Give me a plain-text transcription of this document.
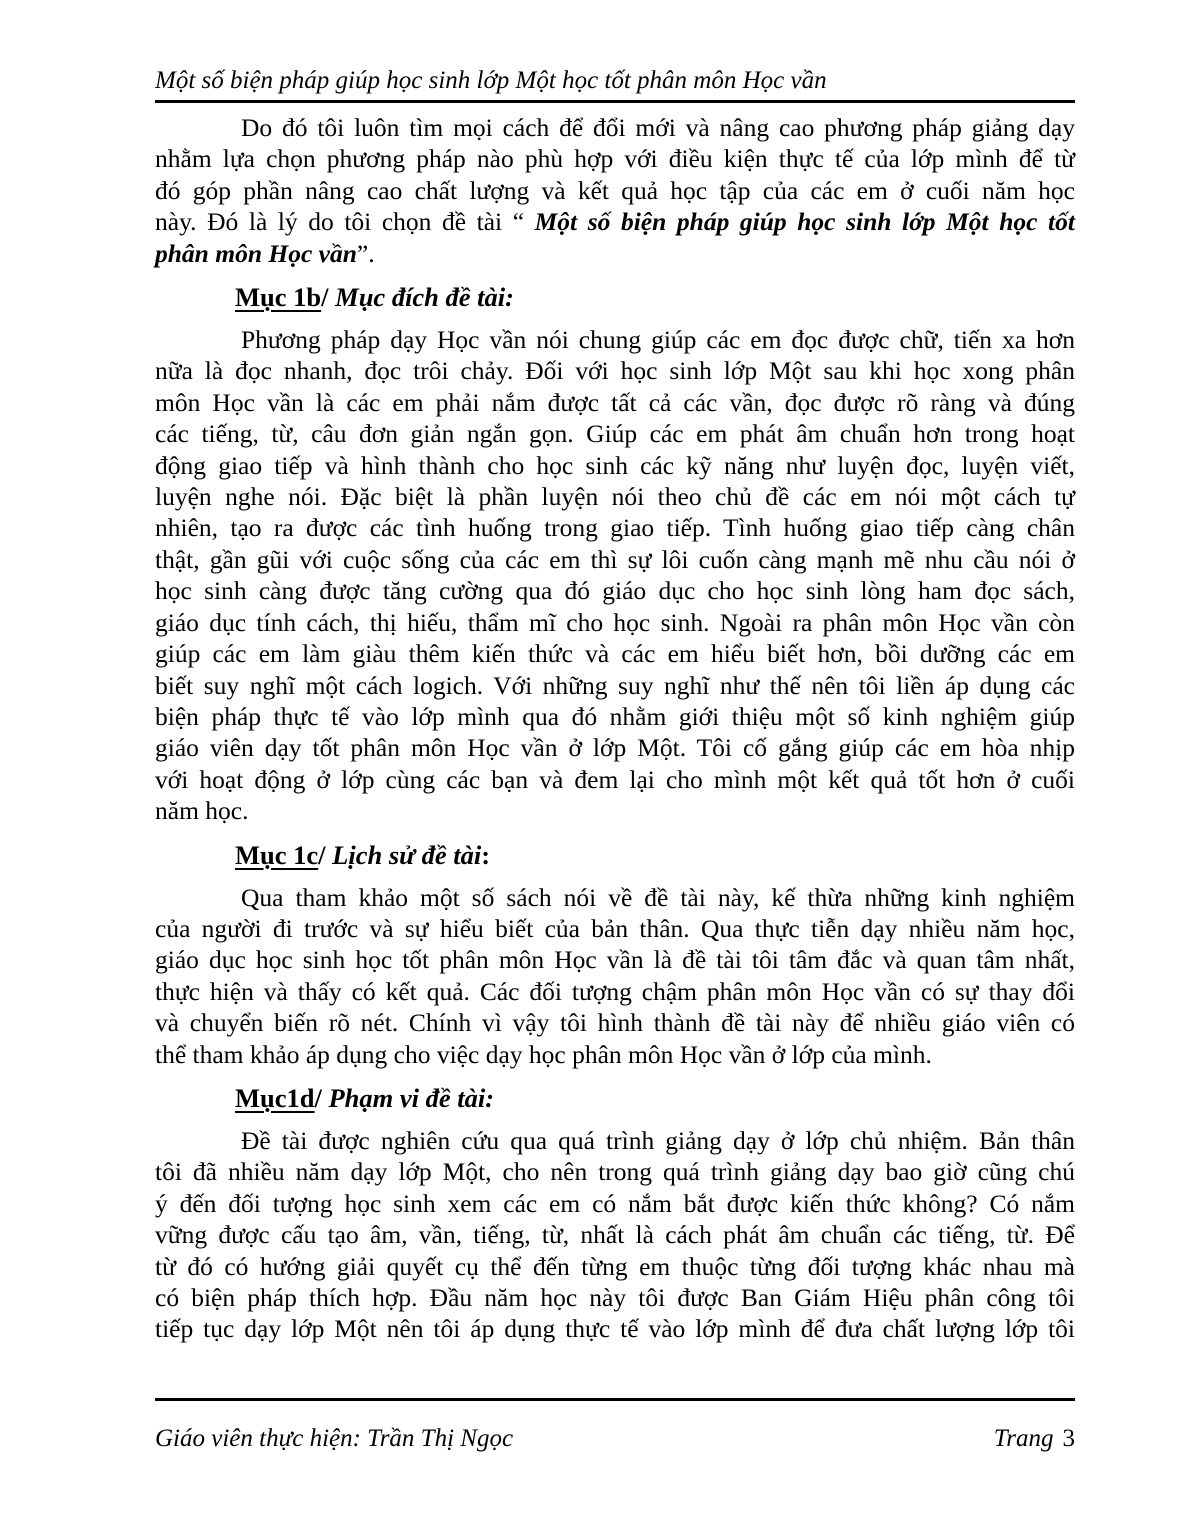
Một số biện pháp giúp học sinh lớp Một học tốt phân môn Học vần
Do đó tôi luôn tìm mọi cách để đổi mới và nâng cao phương pháp giảng dạy
nhằm lựa chọn phương pháp nào phù hợp với điều kiện thực tế của lớp mình để từ
đó góp phần nâng cao chất lượng và kết quả học tập của các em ở cuối năm học
này. Đó là lý do tôi chọn đề tài “ Một số biện pháp giúp học sinh lớp Một học tốt
phân môn Học vần”.
Mục 1b/ Mục đích đề tài:
Phương pháp dạy Học vần nói chung giúp các em đọc được chữ, tiến xa hơn
nữa là đọc nhanh, đọc trôi chảy. Đối với học sinh lớp Một sau khi học xong phân
môn Học vần là các em phải nắm được tất cả các vần, đọc được rõ ràng và đúng
các tiếng, từ, câu đơn giản ngắn gọn. Giúp các em phát âm chuẩn hơn trong hoạt
động giao tiếp và hình thành cho học sinh các kỹ năng như luyện đọc, luyện viết,
luyện nghe nói. Đặc biệt là phần luyện nói theo chủ đề các em nói một cách tự
nhiên, tạo ra được các tình huống trong giao tiếp. Tình huống giao tiếp càng chân
thật, gần gũi với cuộc sống của các em thì sự lôi cuốn càng mạnh mẽ nhu cầu nói ở
học sinh càng được tăng cường qua đó giáo dục cho học sinh lòng ham đọc sách,
giáo dục tính cách, thị hiếu, thẩm mĩ cho học sinh. Ngoài ra phân môn Học vần còn
giúp các em làm giàu thêm kiến thức và các em hiểu biết hơn, bồi dưỡng các em
biết suy nghĩ một cách logich. Với những suy nghĩ như thế nên tôi liền áp dụng các
biện pháp thực tế vào lớp mình qua đó nhằm giới thiệu một số kinh nghiệm giúp
giáo viên dạy tốt phân môn Học vần ở lớp Một. Tôi cố gắng giúp các em hòa nhịp
với hoạt động ở lớp cùng các bạn và đem lại cho mình một kết quả tốt hơn ở cuối
năm học.
Mục 1c/ Lịch sử đề tài:
Qua tham khảo một số sách nói về đề tài này, kế thừa những kinh nghiệm
của người đi trước và sự hiểu biết của bản thân. Qua thực tiễn dạy nhiều năm học,
giáo dục học sinh học tốt phân môn Học vần là đề tài tôi tâm đắc và quan tâm nhất,
thực hiện và thấy có kết quả. Các đối tượng chậm phân môn Học vần có sự thay đổi
và chuyển biến rõ nét. Chính vì vậy tôi hình thành đề tài này để nhiều giáo viên có
thể tham khảo áp dụng cho việc dạy học phân môn Học vần ở lớp của mình.
Mục1d/ Phạm vi đề tài:
Đề tài được nghiên cứu qua quá trình giảng dạy ở lớp chủ nhiệm. Bản thân
tôi đã nhiều năm dạy lớp Một, cho nên trong quá trình giảng dạy bao giờ cũng chú
ý đến đối tượng học sinh xem các em có nắm bắt được kiến thức không? Có nắm
vững được cấu tạo âm, vần, tiếng, từ, nhất là cách phát âm chuẩn các tiếng, từ. Để
từ đó có hướng giải quyết cụ thể đến từng em thuộc từng đối tượng khác nhau mà
có biện pháp thích hợp. Đầu năm học này tôi được Ban Giám Hiệu phân công tôi
tiếp tục dạy lớp Một nên tôi áp dụng thực tế vào lớp mình để đưa chất lượng lớp tôi
Giáo viên thực hiện: Trần Thị Ngọc	Trang 3
